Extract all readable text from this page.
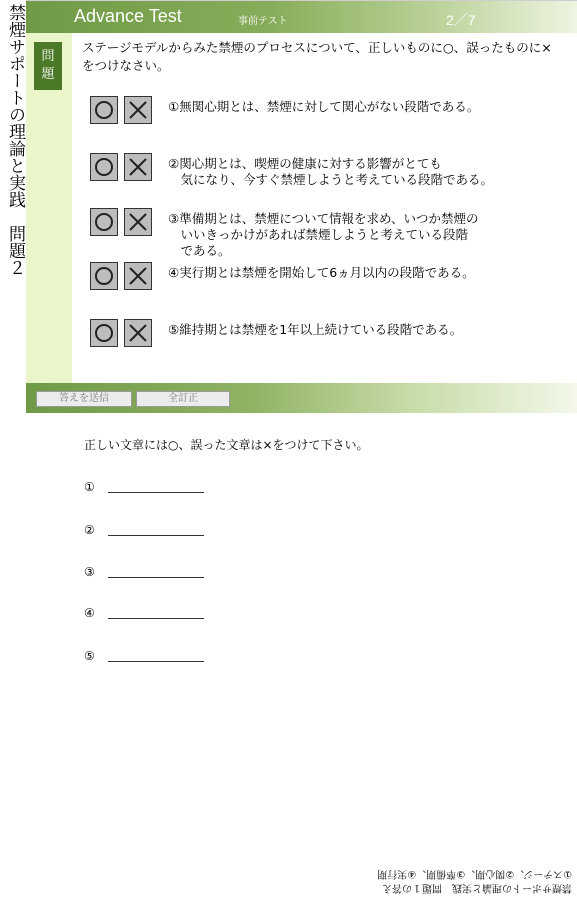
禁煙サポートの理論と実践　問題２	Advance Test	事前テスト	2／7
問
題
ステージモデルからみた禁煙のプロセスについて、正しいものに○、誤ったものに×をつけなさい。
①無関心期とは、禁煙に対して関心がない段階である。
②関心期とは、喫煙の健康に対する影響がとても
　気になり、今すぐ禁煙しようと考えている段階である。
③準備期とは、禁煙について情報を求め、いつか禁煙の
　いいきっかけがあれば禁煙しようと考えている段階
　である。
④実行期とは禁煙を開始して6ヵ月以内の段階である。
⑤維持期とは禁煙を1年以上続けている段階である。
答えを送信	全訂正
正しい文章には○、誤った文章は×をつけて下さい。
①
②
③
④
⑤
禁煙サポートの理論と実践　問題１の答え
①ステージ、②関心期、③準備期、④実行期
